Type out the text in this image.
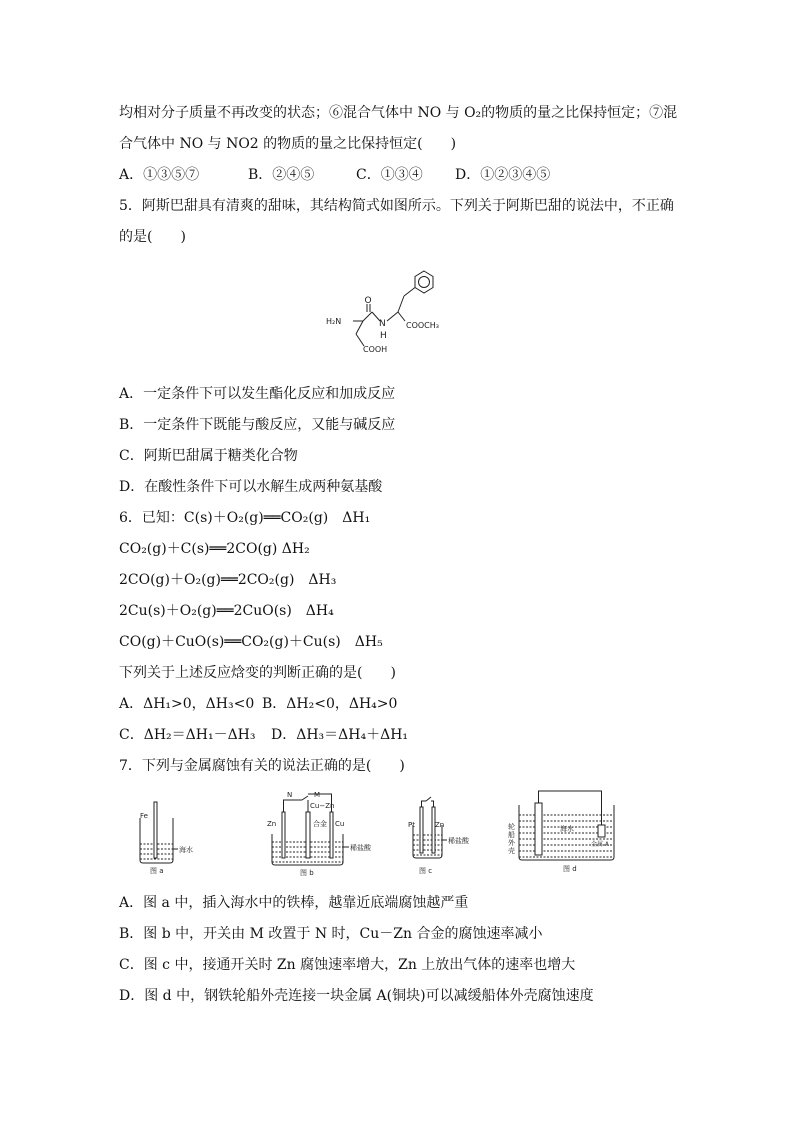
均相对分子质量不再改变的状态；⑥混合气体中 NO 与 O₂的物质的量之比保持恒定；⑦混
合气体中 NO 与 NO2 的物质的量之比保持恒定(　　)
A．①③⑤⑦	B．②④⑤	C．①③④ D．①②③④⑤
5．阿斯巴甜具有清爽的甜味，其结构简式如图所示。下列关于阿斯巴甜的说法中，不正确
的是(　　)
O
H₂N	N
H
COOCH₃
COOH
A．一定条件下可以发生酯化反应和加成反应
B．一定条件下既能与酸反应，又能与碱反应
C．阿斯巴甜属于糖类化合物
D．在酸性条件下可以水解生成两种氨基酸
6．已知：C(s)＋O₂(g)══CO₂(g)　ΔH₁
CO₂(g)＋C(s)══2CO(g) ΔH₂
2CO(g)＋O₂(g)══2CO₂(g)　ΔH₃
2Cu(s)＋O₂(g)══2CuO(s)　ΔH₄
CO(g)＋CuO(s)══CO₂(g)＋Cu(s)　ΔH₅
下列关于上述反应焓变的判断正确的是(　　)
A．ΔH₁>0，ΔH₃<0 B．ΔH₂<0，ΔH₄>0
C．ΔH₂＝ΔH₁－ΔH₃ D．ΔH₃＝ΔH₄＋ΔH₁
7．下列与金属腐蚀有关的说法正确的是(　　)
Fe
海水
图 a
N	M
Cu−Zn
合金
Zn	Cu
稀盐酸
图 b
Pt	Zn
稀盐酸
图 c
轮
船
外
壳
海水
金属 A
图 d
A．图 a 中，插入海水中的铁棒，越靠近底端腐蚀越严重
B．图 b 中，开关由 M 改置于 N 时，Cu－Zn 合金的腐蚀速率减小
C．图 c 中，接通开关时 Zn 腐蚀速率增大，Zn 上放出气体的速率也增大
D．图 d 中，钢铁轮船外壳连接一块金属 A(铜块)可以减缓船体外壳腐蚀速度
